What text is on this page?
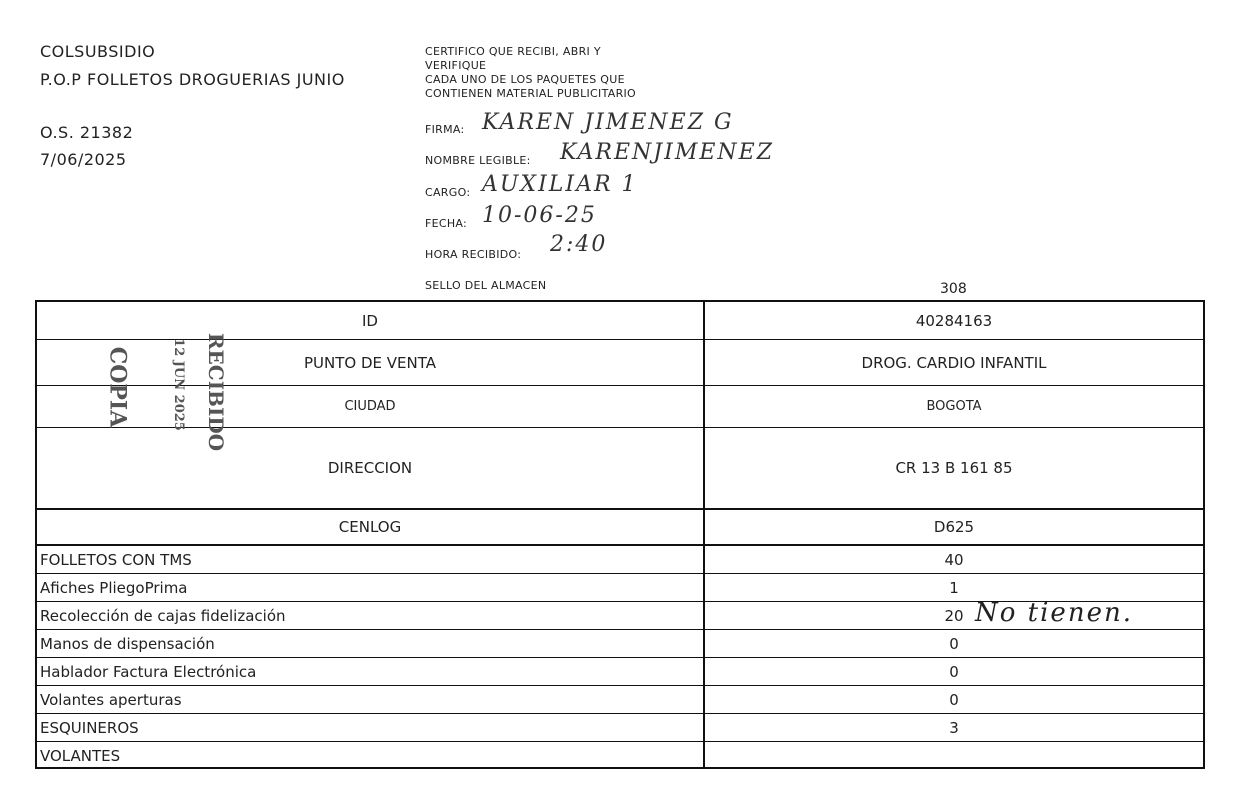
COLSUBSIDIO
P.O.P FOLLETOS DROGUERIAS JUNIO
O.S. 21382
7/06/2025
CERTIFICO QUE RECIBI, ABRI Y
VERIFIQUE
CADA UNO DE LOS PAQUETES QUE
CONTIENEN MATERIAL PUBLICITARIO
FIRMA: KAREN JIMENEZ G
NOMBRE LEGIBLE: KARENJIMENEZ
CARGO: AUXILIAR 1
FECHA: 10-06-25
HORA RECIBIDO: 2:40
SELLO DEL ALMACEN	308
ID	40284163
PUNTO DE VENTA	DROG. CARDIO INFANTIL
CIUDAD	BOGOTA
DIRECCION	CR 13 B 161 85
CENLOG	D625
FOLLETOS CON TMS	40
Afiches PliegoPrima	1
Recolección de cajas fidelización	20
Manos de dispensación	0
Hablador Factura Electrónica	0
Volantes aperturas	0
ESQUINEROS	3
VOLANTES
COPIA	12 JUN 2025 RECIBIDO
No tienen.
